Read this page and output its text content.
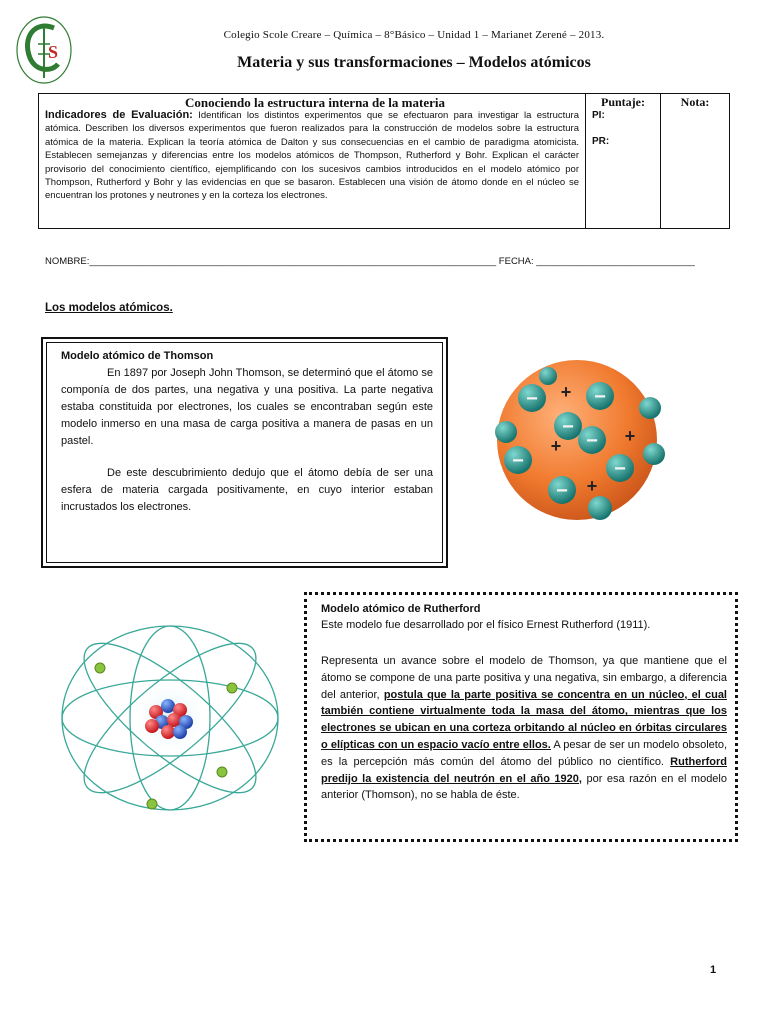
S
Colegio Scole Creare – Química – 8°Básico – Unidad 1 – Marianet Zerené – 2013.
Materia y sus transformaciones – Modelos atómicos
Conociendo la estructura interna de la materia
Indicadores de Evaluación: Identifican los distintos experimentos que se efectuaron para investigar la estructura atómica. Describen los diversos experimentos que fueron realizados para la construcción de modelos sobre la estructura atómica de la materia. Explican la teoría atómica de Dalton y sus consecuencias en el cambio de paradigma atomicista. Establecen semejanzas y diferencias entre los modelos atómicos de Thompson, Rutherford y Bohr. Explican el carácter provisorio del conocimiento científico, ejemplificando con los sucesivos cambios introducidos en el modelo atómico por Thompson, Rutherford y Bohr y las evidencias en que se basaron. Establecen una visión de átomo donde en el núcleo se encuentran los protones y neutrones y en la corteza los electrones.
Puntaje:
PI:
PR:
Nota:
NOMBRE:_____________________________________________________________________________ FECHA: ______________________________
Los modelos atómicos.
Modelo atómico de Thomson
En 1897 por Joseph John Thomson, se determinó que el átomo se componía de dos partes, una negativa y una positiva. La parte negativa estaba constituida por electrones, los cuales se encontraban según este modelo inmerso en una masa de carga positiva a manera de pasas en un pastel.
De este descubrimiento dedujo que el átomo debía de ser una esfera de materia cargada positivamente, en cuyo interior estaban incrustados los electrones.
−	−
−
−
−	−
−
+
+
+
+
Modelo atómico de Rutherford
Este modelo fue desarrollado por el físico Ernest Rutherford (1911).
Representa un avance sobre el modelo de Thomson, ya que mantiene que el átomo se compone de una parte positiva y una negativa, sin embargo, a diferencia del anterior, postula que la parte positiva se concentra en un núcleo, el cual también contiene virtualmente toda la masa del átomo, mientras que los electrones se ubican en una corteza orbitando al núcleo en órbitas circulares o elípticas con un espacio vacío entre ellos. A pesar de ser un modelo obsoleto, es la percepción más común del átomo del público no científico. Rutherford predijo la existencia del neutrón en el año 1920, por esa razón en el modelo anterior (Thomson), no se habla de éste.
1
